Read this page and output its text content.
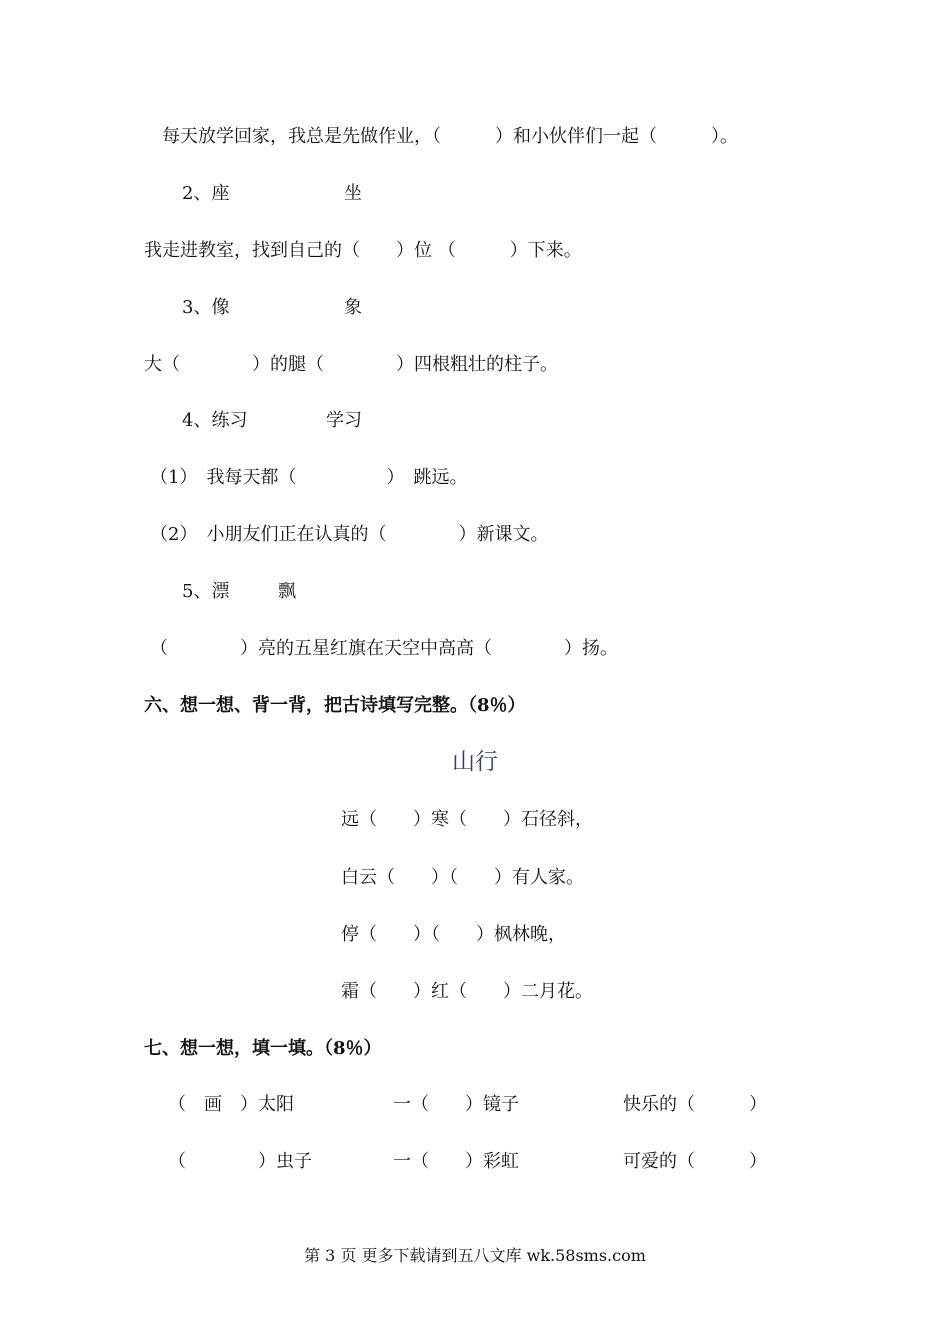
每天放学回家，我总是先做作业，（　　　）和小伙伴们一起（　　　）。
2、座	坐
我走进教室，找到自己的（　　）位 （　　　）下来。
3、像	象
大（　　　　）的腿（　　　　）四根粗壮的柱子。
4、练习	学习
（1）　我每天都（　　　　　）　跳远。
（2）　小朋友们正在认真的（　　　　）新课文。
5、漂	飘
（　　　　）亮的五星红旗在天空中高高（　　　　）扬。
六、想一想、背一背，把古诗填写完整。（8％）
山行
远（　　）寒（　　）石径斜，
白云（　　）（　　）有人家。
停（　　）（　　）枫林晚，
霜（　　）红（　　）二月花。
七、想一想，填一填。（8％）
（　画　）太阳	一（　　）镜子	快乐的（　　　）
（　　　　）虫子	一（　　）彩虹	可爱的（　　　）
第 3 页 更多下载请到五八文库 wk.58sms.com
